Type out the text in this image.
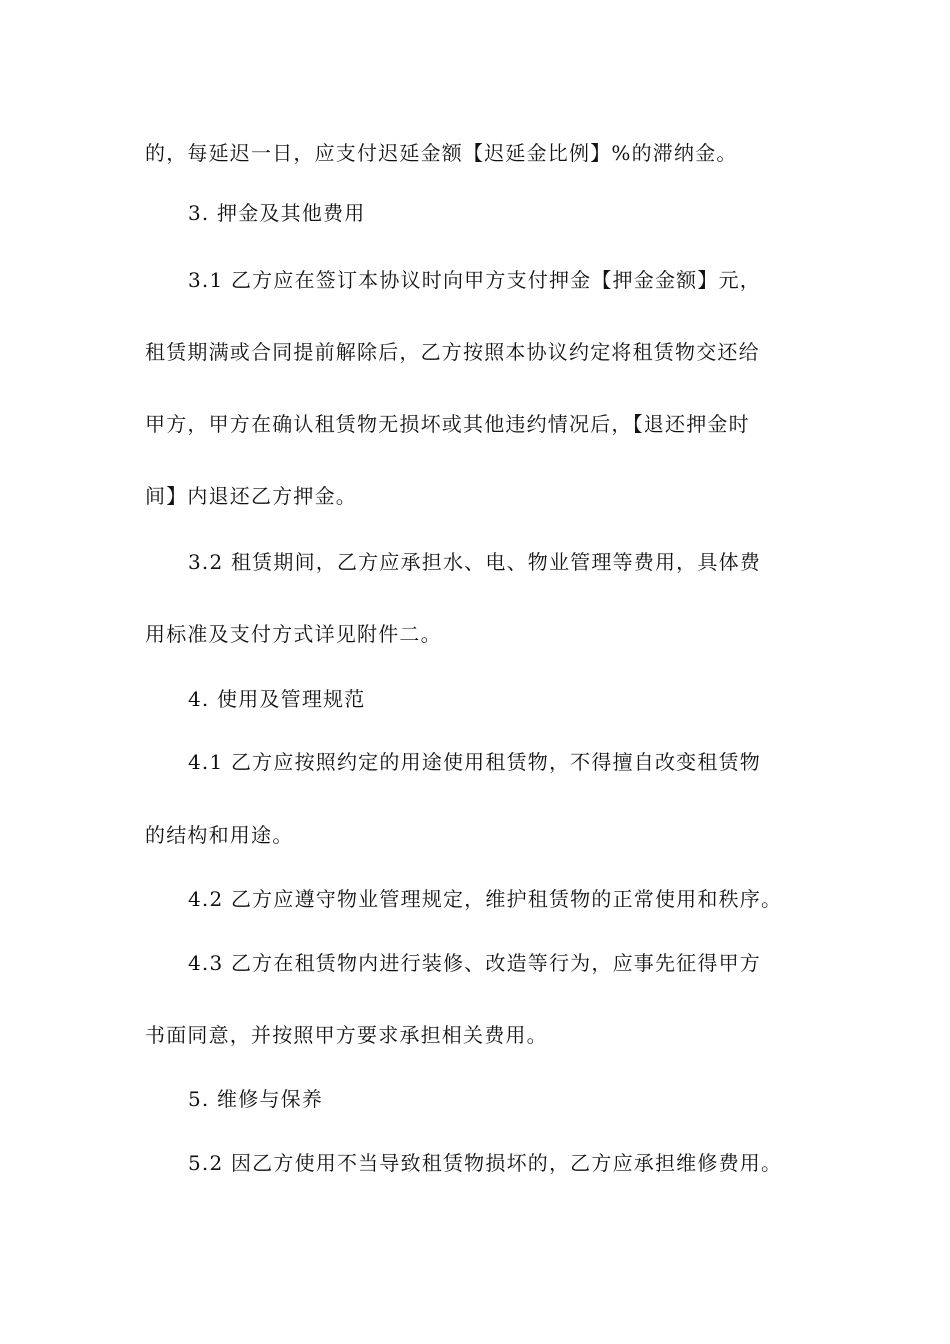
的，每延迟一日，应支付迟延金额【迟延金比例】%的滞纳金。
3. 押金及其他费用
3.1 乙方应在签订本协议时向甲方支付押金【押金金额】元，
租赁期满或合同提前解除后，乙方按照本协议约定将租赁物交还给
甲方，甲方在确认租赁物无损坏或其他违约情况后，【退还押金时
间】内退还乙方押金。
3.2 租赁期间，乙方应承担水、电、物业管理等费用，具体费
用标准及支付方式详见附件二。
4. 使用及管理规范
4.1 乙方应按照约定的用途使用租赁物，不得擅自改变租赁物
的结构和用途。
4.2 乙方应遵守物业管理规定，维护租赁物的正常使用和秩序。
4.3 乙方在租赁物内进行装修、改造等行为，应事先征得甲方
书面同意，并按照甲方要求承担相关费用。
5. 维修与保养
5.2 因乙方使用不当导致租赁物损坏的，乙方应承担维修费用。
